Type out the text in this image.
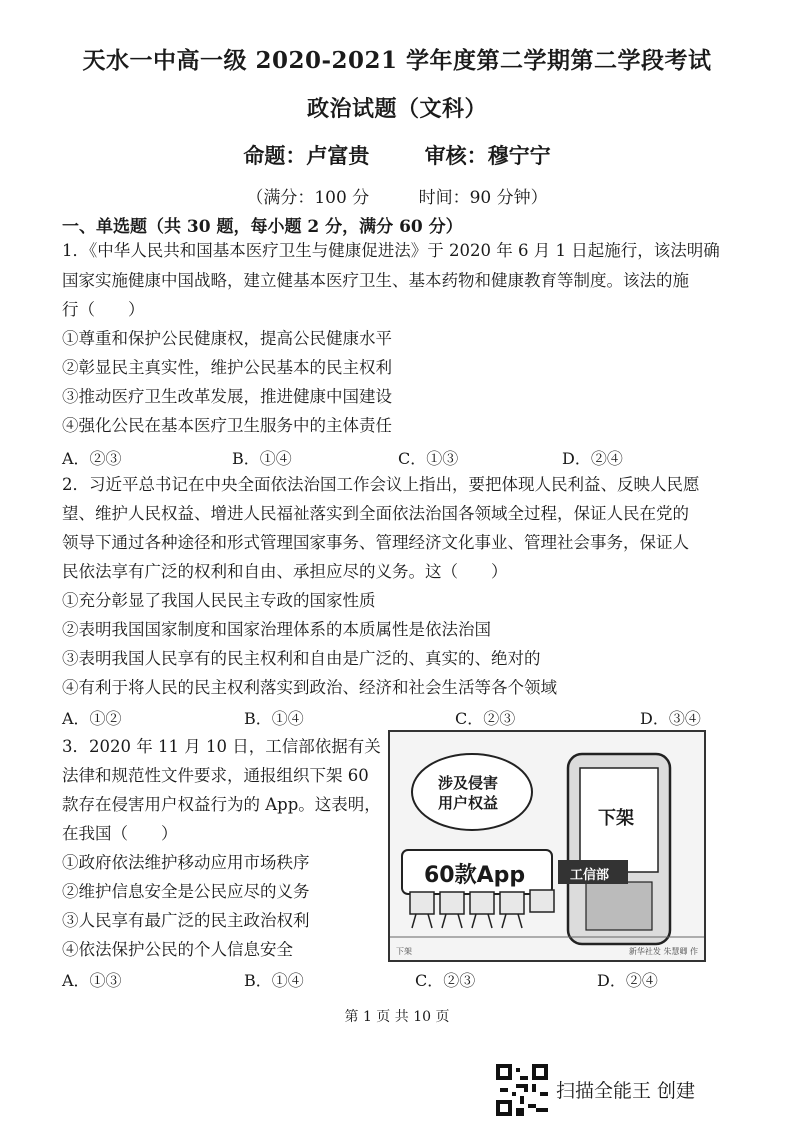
天水一中高一级 2020-2021 学年度第二学期第二学段考试
政治试题（文科）
命题：卢富贵	审核：穆宁宁
（满分：100 分	时间：90 分钟）
一、单选题（共 30 题，每小题 2 分，满分 60 分）
1．《中华人民共和国基本医疗卫生与健康促进法》于 2020 年 6 月 1 日起施行，该法明确
国家实施健康中国战略，建立健基本医疗卫生、基本药物和健康教育等制度。该法的施
行（　　）
①尊重和保护公民健康权，提高公民健康水平
②彰显民主真实性，维护公民基本的民主权利
③推动医疗卫生改革发展，推进健康中国建设
④强化公民在基本医疗卫生服务中的主体责任
A．②③	B．①④	C．①③	D．②④
2．习近平总书记在中央全面依法治国工作会议上指出，要把体现人民利益、反映人民愿
望、维护人民权益、增进人民福祉落实到全面依法治国各领域全过程，保证人民在党的
领导下通过各种途径和形式管理国家事务、管理经济文化事业、管理社会事务，保证人
民依法享有广泛的权利和自由、承担应尽的义务。这（　　）
①充分彰显了我国人民民主专政的国家性质
②表明我国国家制度和国家治理体系的本质属性是依法治国
③表明我国人民享有的民主权利和自由是广泛的、真实的、绝对的
④有利于将人民的民主权利落实到政治、经济和社会生活等各个领域
A．①②	B．①④	C．②③	D．③④
3．2020 年 11 月 10 日，工信部依据有关
法律和规范性文件要求，通报组织下架 60
款存在侵害用户权益行为的 App。这表明，
在我国（　　）
①政府依法维护移动应用市场秩序
②维护信息安全是公民应尽的义务
③人民享有最广泛的民主政治权利
④依法保护公民的个人信息安全
A．①③	B．①④	C．②③	D．②④
涉及侵害
用户权益
下架
60款App	工信部
下架	新华社发 朱慧卿 作
第 1 页 共 10 页
扫描全能王 创建
